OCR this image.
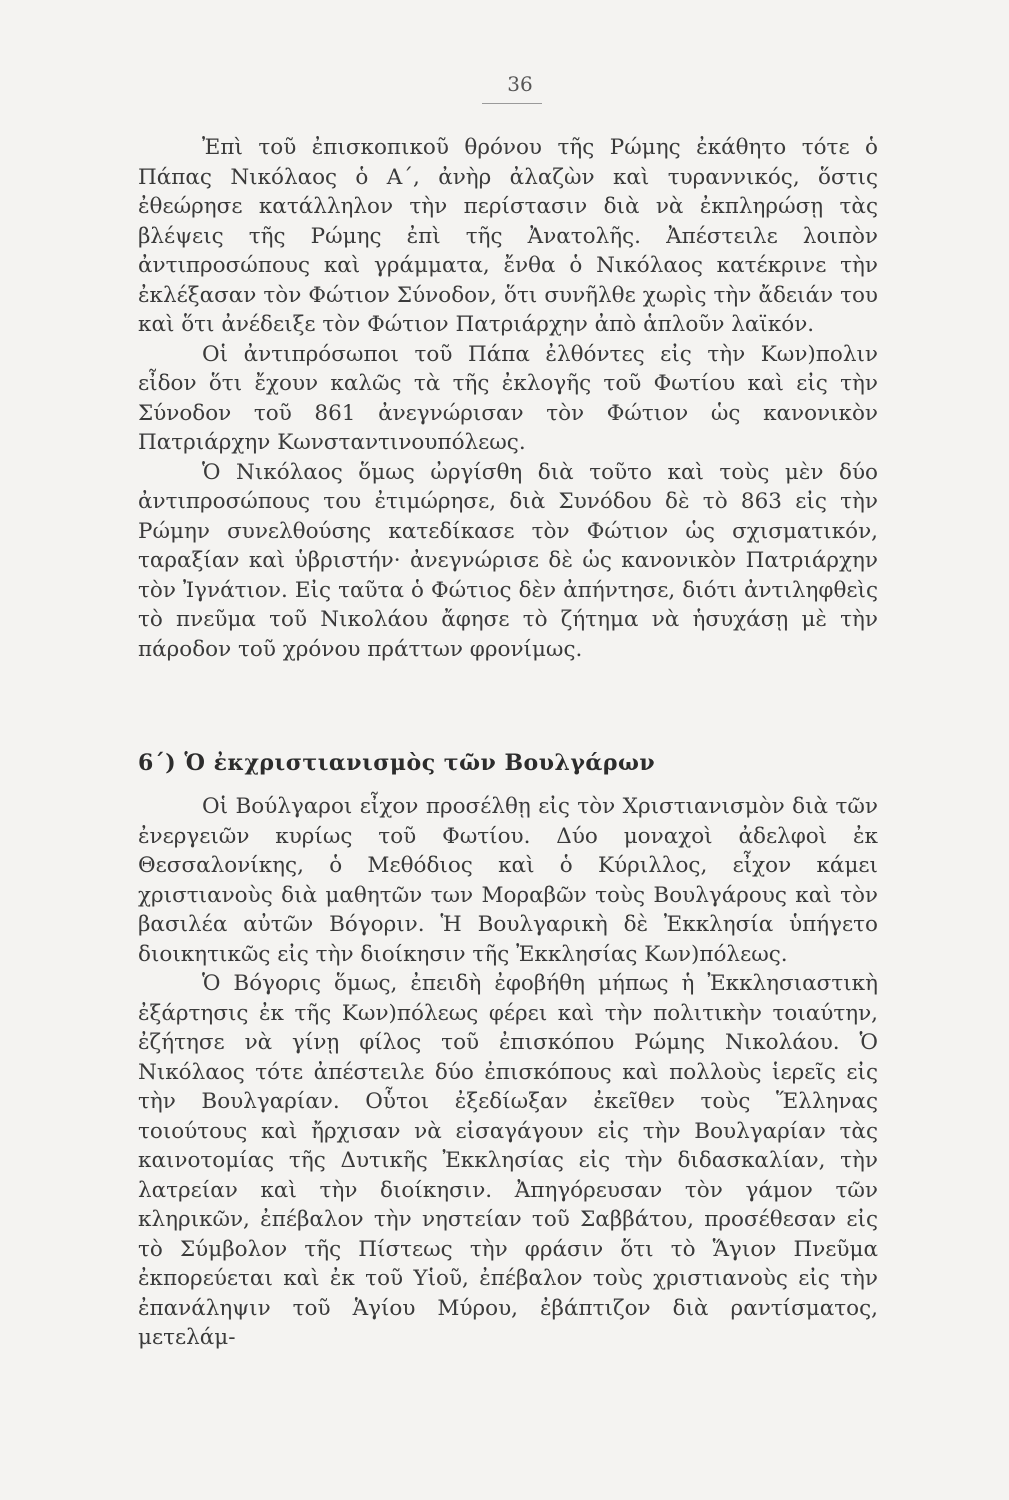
36

Ἐπὶ τοῦ ἐπισκοπικοῦ θρόνου τῆς Ρώμης ἐκάθητο τότε ὁ Πάπας Νικόλαος ὁ Α΄, ἀνὴρ ἀλαζὼν καὶ τυραννικός, ὅστις ἐθεώρησε κατάλληλον τὴν περίστασιν διὰ νὰ ἐκπληρώσῃ τὰς βλέψεις τῆς Ρώμης ἐπὶ τῆς Ἀνατολῆς. Ἀπέστειλε λοιπὸν ἀντιπροσώπους καὶ γράμματα, ἔνθα ὁ Νικόλαος κατέκρινε τὴν ἐκλέξασαν τὸν Φώτιον Σύνοδον, ὅτι συνῆλθε χωρὶς τὴν ἄδειάν του καὶ ὅτι ἀνέδειξε τὸν Φώτιον Πατριάρχην ἀπὸ ἁπλοῦν λαϊκόν.

Οἱ ἀντιπρόσωποι τοῦ Πάπα ἐλθόντες εἰς τὴν Κων)πολιν εἶδον ὅτι ἔχουν καλῶς τὰ τῆς ἐκλογῆς τοῦ Φωτίου καὶ εἰς τὴν Σύνοδον τοῦ 861 ἀνεγνώρισαν τὸν Φώτιον ὡς κανονικὸν Πατριάρχην Κωνσταντινουπόλεως.

Ὁ Νικόλαος ὅμως ὠργίσθη διὰ τοῦτο καὶ τοὺς μὲν δύο ἀντιπροσώπους του ἐτιμώρησε, διὰ Συνόδου δὲ τὸ 863 εἰς τὴν Ρώμην συνελθούσης κατεδίκασε τὸν Φώτιον ὡς σχισματικόν, ταραξίαν καὶ ὑβριστήν· ἀνεγνώρισε δὲ ὡς κανονικὸν Πατριάρχην τὸν Ἰγνάτιον. Εἰς ταῦτα ὁ Φώτιος δὲν ἀπήντησε, διότι ἀντιληφθεὶς τὸ πνεῦμα τοῦ Νικολάου ἄφησε τὸ ζήτημα νὰ ἡσυχάσῃ μὲ τὴν πάροδον τοῦ χρόνου πράττων φρονίμως.

6΄) Ὁ ἐκχριστιανισμὸς τῶν Βουλγάρων

Οἱ Βούλγαροι εἶχον προσέλθῃ εἰς τὸν Χριστιανισμὸν διὰ τῶν ἐνεργειῶν κυρίως τοῦ Φωτίου. Δύο μοναχοὶ ἀδελφοὶ ἐκ Θεσσαλονίκης, ὁ Μεθόδιος καὶ ὁ Κύριλλος, εἶχον κάμει χριστιανοὺς διὰ μαθητῶν των Μοραβῶν τοὺς Βουλγάρους καὶ τὸν βασιλέα αὐτῶν Βόγοριν. Ἡ Βουλγαρικὴ δὲ Ἐκκλησία ὑπήγετο διοικητικῶς εἰς τὴν διοίκησιν τῆς Ἐκκλησίας Κων)πόλεως.

Ὁ Βόγορις ὅμως, ἐπειδὴ ἐφοβήθη μήπως ἡ Ἐκκλησιαστικὴ ἐξάρτησις ἐκ τῆς Κων)πόλεως φέρει καὶ τὴν πολιτικὴν τοιαύτην, ἐζήτησε νὰ γίνῃ φίλος τοῦ ἐπισκόπου Ρώμης Νικολάου. Ὁ Νικόλαος τότε ἀπέστειλε δύο ἐπισκόπους καὶ πολλοὺς ἱερεῖς εἰς τὴν Βουλγαρίαν. Οὗτοι ἐξεδίωξαν ἐκεῖθεν τοὺς Ἕλληνας τοιούτους καὶ ἤρχισαν νὰ εἰσαγάγουν εἰς τὴν Βουλγαρίαν τὰς καινοτομίας τῆς Δυτικῆς Ἐκκλησίας εἰς τὴν διδασκαλίαν, τὴν λατρείαν καὶ τὴν διοίκησιν. Ἀπηγόρευσαν τὸν γάμον τῶν κληρικῶν, ἐπέβαλον τὴν νηστείαν τοῦ Σαββάτου, προσέθεσαν εἰς τὸ Σύμβολον τῆς Πίστεως τὴν φράσιν ὅτι τὸ Ἅγιον Πνεῦμα ἐκπορεύεται καὶ ἐκ τοῦ Υἱοῦ, ἐπέβαλον τοὺς χριστιανοὺς εἰς τὴν ἐπανάληψιν τοῦ Ἁγίου Μύρου, ἐβάπτιζον διὰ ραντίσματος, μετελάμ-
